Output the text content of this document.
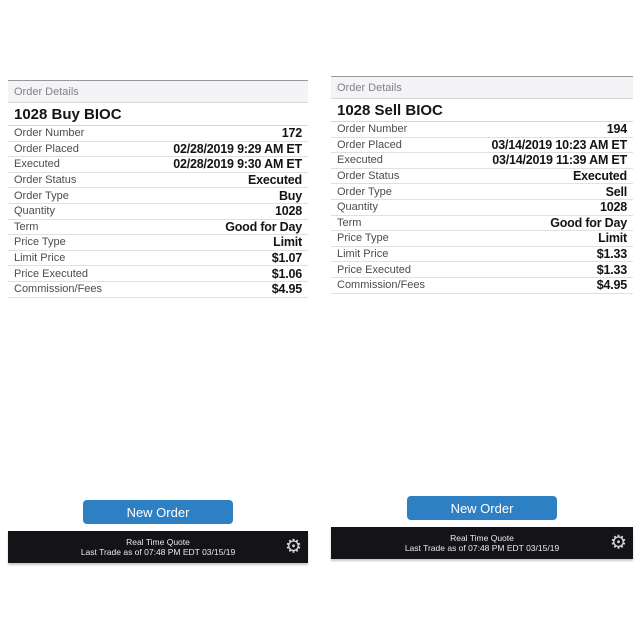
Order Details
1028 Buy BIOC
Order Number	172
Order Placed	02/28/2019 9:29 AM ET
Executed	02/28/2019 9:30 AM ET
Order Status	Executed
Order Type	Buy
Quantity	1028
Term	Good for Day
Price Type	Limit
Limit Price	$1.07
Price Executed	$1.06
Commission/Fees	$4.95
New Order
Real Time Quote
Last Trade as of 07:48 PM EDT 03/15/19	⚙
Order Details
1028 Sell BIOC
Order Number	194
Order Placed	03/14/2019 10:23 AM ET
Executed	03/14/2019 11:39 AM ET
Order Status	Executed
Order Type	Sell
Quantity	1028
Term	Good for Day
Price Type	Limit
Limit Price	$1.33
Price Executed	$1.33
Commission/Fees	$4.95
New Order
Real Time Quote
Last Trade as of 07:48 PM EDT 03/15/19	⚙
